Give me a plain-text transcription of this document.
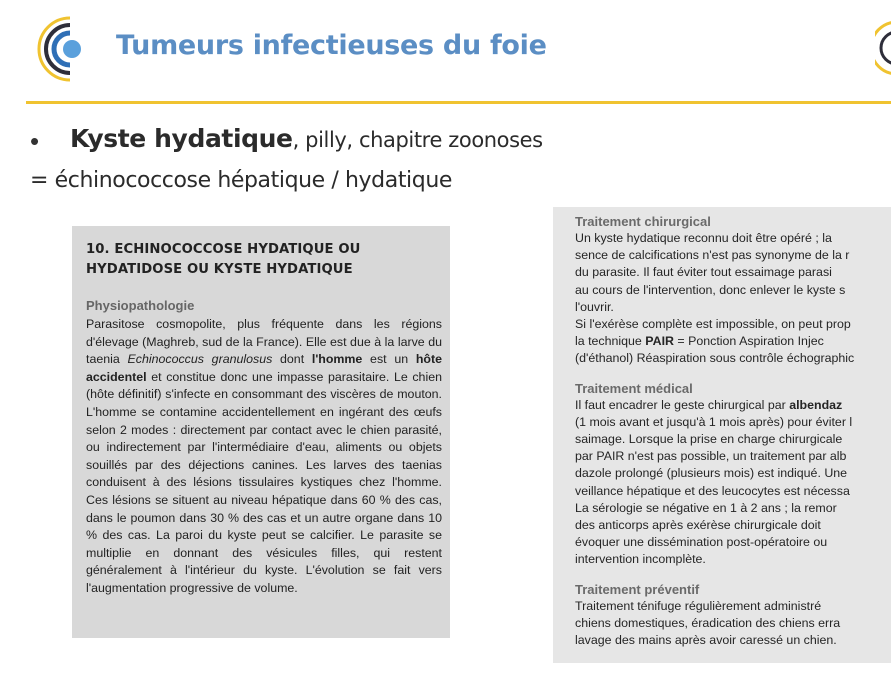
Tumeurs infectieuses du foie
• Kyste hydatique, pilly, chapitre zoonoses
= échinococcose hépatique / hydatique
10. ECHINOCOCCOSE HYDATIQUE OU
HYDATIDOSE OU KYSTE HYDATIQUE
Physiopathologie
Parasitose cosmopolite, plus fréquente dans les régions d'élevage (Maghreb, sud de la France). Elle est due à la larve du taenia Echinococcus granulosus dont l'homme est un hôte accidentel et constitue donc une impasse parasitaire. Le chien (hôte définitif) s'infecte en consommant des viscères de mouton. L'homme se contamine accidentellement en ingérant des œufs selon 2 modes : directement par contact avec le chien parasité, ou indirectement par l'intermédiaire d'eau, aliments ou objets souillés par des déjections canines. Les larves des taenias conduisent à des lésions tissulaires kystiques chez l'homme. Ces lésions se situent au niveau hépatique dans 60 % des cas, dans le poumon dans 30 % des cas et un autre organe dans 10 % des cas. La paroi du kyste peut se calcifier. Le parasite se multiplie en donnant des vésicules filles, qui restent généralement à l'intérieur du kyste. L'évolution se fait vers l'augmentation progressive de volume.
Traitement chirurgical
Un kyste hydatique reconnu doit être opéré ; la
sence de calcifications n'est pas synonyme de la r
du parasite. Il faut éviter tout essaimage parasi
au cours de l'intervention, donc enlever le kyste s
l'ouvrir.
Si l'exérèse complète est impossible, on peut prop
la technique PAIR = Ponction Aspiration Injec
(d'éthanol) Réaspiration sous contrôle échographic
Traitement médical
Il faut encadrer le geste chirurgical par albendaz
(1 mois avant et jusqu'à 1 mois après) pour éviter l
saimage. Lorsque la prise en charge chirurgicale
par PAIR n'est pas possible, un traitement par alb
dazole prolongé (plusieurs mois) est indiqué. Une
veillance hépatique et des leucocytes est nécessa
La sérologie se négative en 1 à 2 ans ; la remor
des anticorps après exérèse chirurgicale doit
évoquer une dissémination post-opératoire ou
intervention incomplète.
Traitement préventif
Traitement ténifuge régulièrement administré
chiens domestiques, éradication des chiens erra
lavage des mains après avoir caressé un chien.
